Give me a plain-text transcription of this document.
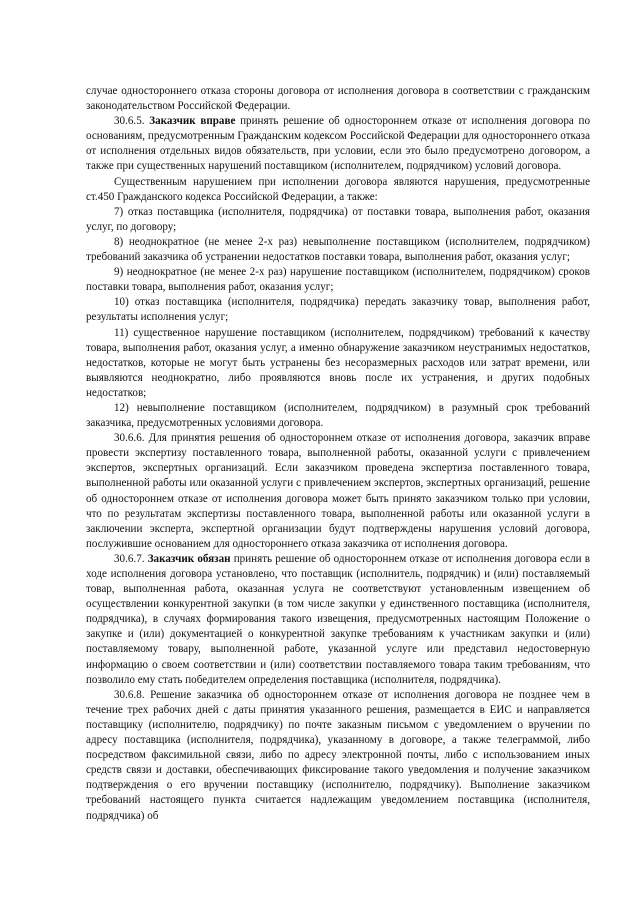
случае одностороннего отказа стороны договора от исполнения договора в соответствии с гражданским законодательством Российской Федерации.

30.6.5. Заказчик вправе принять решение об одностороннем отказе от исполнения договора по основаниям, предусмотренным Гражданским кодексом Российской Федерации для одностороннего отказа от исполнения отдельных видов обязательств, при условии, если это было предусмотрено договором, а также при существенных нарушений поставщиком (исполнителем, подрядчиком) условий договора.

Существенным нарушением при исполнении договора являются нарушения, предусмотренные ст.450 Гражданского кодекса Российской Федерации, а также:

7) отказ поставщика (исполнителя, подрядчика) от поставки товара, выполнения работ, оказания услуг, по договору;

8) неоднократное (не менее 2-х раз) невыполнение поставщиком (исполнителем, подрядчиком) требований заказчика об устранении недостатков поставки товара, выполнения работ, оказания услуг;

9) неоднократное (не менее 2-х раз) нарушение поставщиком (исполнителем, подрядчиком) сроков поставки товара, выполнения работ, оказания услуг;

10) отказ поставщика (исполнителя, подрядчика) передать заказчику товар, выполнения работ, результаты исполнения услуг;

11) существенное нарушение поставщиком (исполнителем, подрядчиком) требований к качеству товара, выполнения работ, оказания услуг, а именно обнаружение заказчиком неустранимых недостатков, недостатков, которые не могут быть устранены без несоразмерных расходов или затрат времени, или выявляются неоднократно, либо проявляются вновь после их устранения, и других подобных недостатков;

12) невыполнение поставщиком (исполнителем, подрядчиком) в разумный срок требований заказчика, предусмотренных условиями договора.

30.6.6. Для принятия решения об одностороннем отказе от исполнения договора, заказчик вправе провести экспертизу поставленного товара, выполненной работы, оказанной услуги с привлечением экспертов, экспертных организаций. Если заказчиком проведена экспертиза поставленного товара, выполненной работы или оказанной услуги с привлечением экспертов, экспертных организаций, решение об одностороннем отказе от исполнения договора может быть принято заказчиком только при условии, что по результатам экспертизы поставленного товара, выполненной работы или оказанной услуги в заключении эксперта, экспертной организации будут подтверждены нарушения условий договора, послужившие основанием для одностороннего отказа заказчика от исполнения договора.

30.6.7. Заказчик обязан принять решение об одностороннем отказе от исполнения договора если в ходе исполнения договора установлено, что поставщик (исполнитель, подрядчик) и (или) поставляемый товар, выполненная работа, оказанная услуга не соответствуют установленным извещением об осуществлении конкурентной закупки (в том числе закупки у единственного поставщика (исполнителя, подрядчика), в случаях формирования такого извещения, предусмотренных настоящим Положение о закупке и (или) документацией о конкурентной закупке требованиям к участникам закупки и (или) поставляемому товару, выполненной работе, указанной услуге или представил недостоверную информацию о своем соответствии и (или) соответствии поставляемого товара таким требованиям, что позволило ему стать победителем определения поставщика (исполнителя, подрядчика).

30.6.8. Решение заказчика об одностороннем отказе от исполнения договора не позднее чем в течение трех рабочих дней с даты принятия указанного решения, размещается в ЕИС и направляется поставщику (исполнителю, подрядчику) по почте заказным письмом с уведомлением о вручении по адресу поставщика (исполнителя, подрядчика), указанному в договоре, а также телеграммой, либо посредством факсимильной связи, либо по адресу электронной почты, либо с использованием иных средств связи и доставки, обеспечивающих фиксирование такого уведомления и получение заказчиком подтверждения о его вручении поставщику (исполнителю, подрядчику). Выполнение заказчиком требований настоящего пункта считается надлежащим уведомлением поставщика (исполнителя, подрядчика) об
